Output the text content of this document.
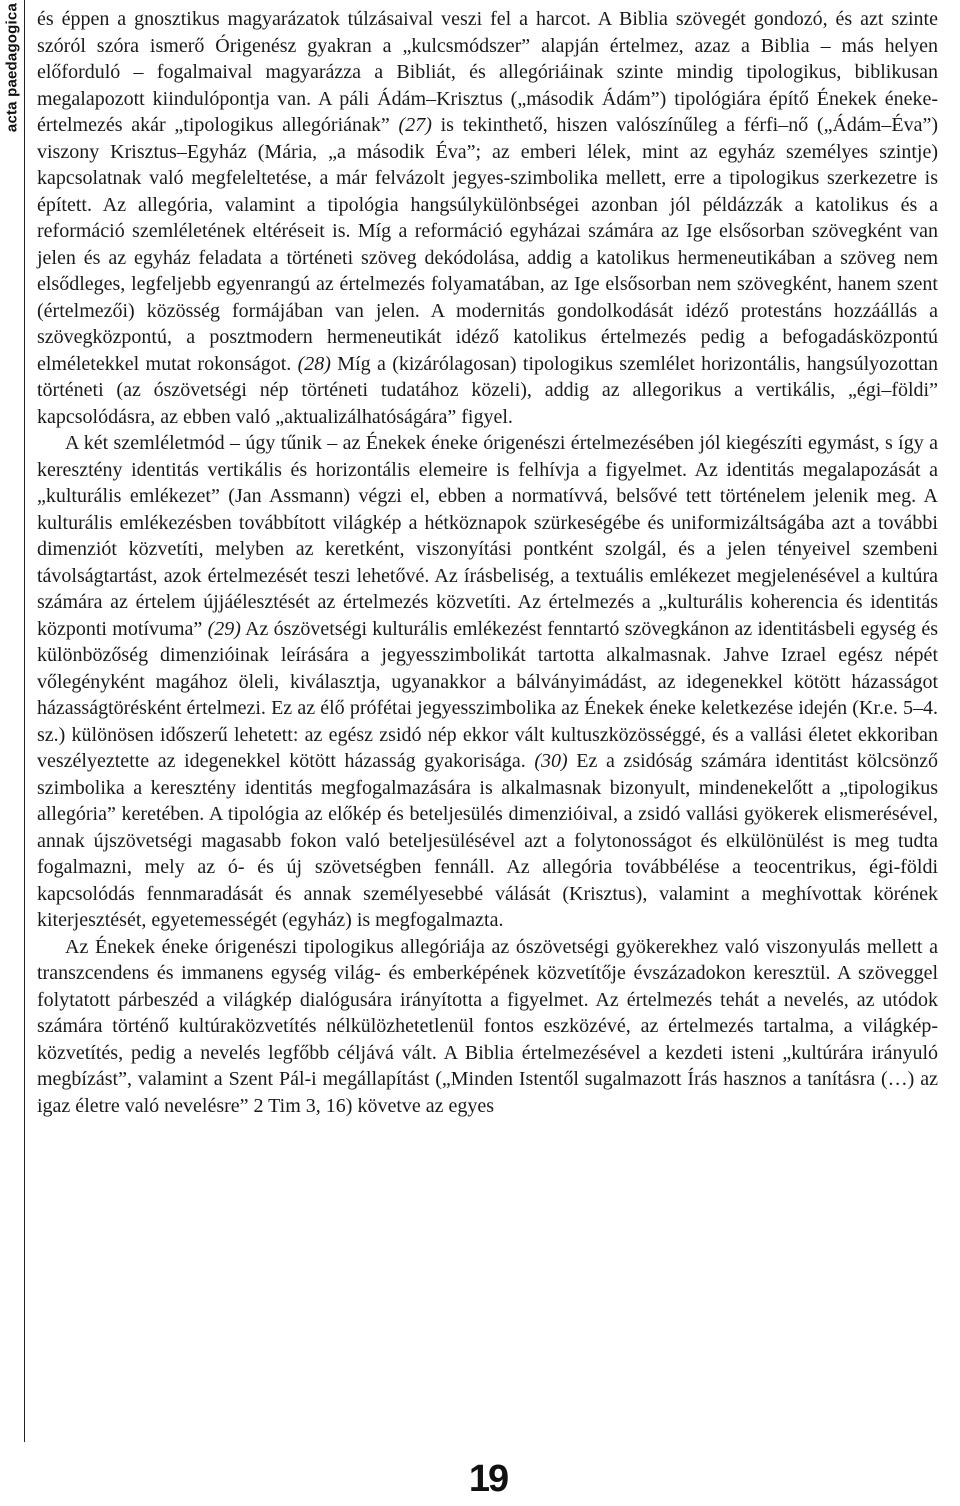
acta paedagogica és éppen a gnosztikus magyarázatok túlzásaival veszi fel a harcot. A Biblia szövegét gondozó, és azt szinte szóról szóra ismerő Órigenész gyakran a „kulcsmódszer” alapján értelmez, azaz a Biblia – más helyen előforduló – fogalmaival magyarázza a Bibliát, és allegóriáinak szinte mindig tipologikus, biblikusan megalapozott kiindulópontja van. A páli Ádám–Krisztus („második Ádám”) tipológiára építő Énekek éneke-értelmezés akár „tipologikus allegóriának” (27) is tekinthető, hiszen valószínűleg a férfi–nő („Ádám–Éva”) viszony Krisztus–Egyház (Mária, „a második Éva”; az emberi lélek, mint az egyház személyes szintje) kapcsolatnak való megfeleltetése, a már felvázolt jegyes-szimbolika mellett, erre a tipologikus szerkezetre is épített. Az allegória, valamint a tipológia hangsúlykülönbségei azonban jól példázzák a katolikus és a reformáció szemléletének eltéréseit is. Míg a reformáció egyházai számára az Ige elsősorban szövegként van jelen és az egyház feladata a történeti szöveg dekódolása, addig a katolikus hermeneutikában a szöveg nem elsődleges, legfeljebb egyenrangú az értelmezés folyamatában, az Ige elsősorban nem szövegként, hanem szent (értelmezői) közösség formájában van jelen. A modernitás gondolkodását idéző protestáns hozzáállás a szövegközpontú, a posztmodern hermeneutikát idéző katolikus értelmezés pedig a befogadásközpontú elméletekkel mutat rokonságot. (28) Míg a (kizárólagosan) tipologikus szemlélet horizontális, hangsúlyozottan történeti (az ószövetségi nép történeti tudatához közeli), addig az allegorikus a vertikális, „égi–földi” kapcsolódásra, az ebben való „aktualizálhatóságára” figyel.

A két szemléletmód – úgy tűnik – az Énekek éneke órigenészi értelmezésében jól kiegészíti egymást, s így a keresztény identitás vertikális és horizontális elemeire is felhívja a figyelmet. Az identitás megalapozását a „kulturális emlékezet” (Jan Assmann) végzi el, ebben a normatívvá, belsővé tett történelem jelenik meg. A kulturális emlékezésben továbbított világkép a hétköznapok szürkeségébe és uniformizáltságába azt a további dimenziót közvetíti, melyben az keretként, viszonyítási pontként szolgál, és a jelen tényeivel szembeni távolságtartást, azok értelmezését teszi lehetővé. Az írásbeliség, a textuális emlékezet megjelenésével a kultúra számára az értelem újjáélesztését az értelmezés közvetíti. Az értelmezés a „kulturális koherencia és identitás központi motívuma” (29) Az ószövetségi kulturális emlékezést fenntartó szövegkánon az identitásbeli egység és különbözőség dimenzióinak leírására a jegyesszimbolikát tartotta alkalmasnak. Jahve Izrael egész népét vőlegényként magához öleli, kiválasztja, ugyanakkor a bálványimádást, az idegenekkel kötött házasságot házasságtörésként értelmezi. Ez az élő prófétai jegyesszimbolika az Énekek éneke keletkezése idején (Kr.e. 5–4. sz.) különösen időszerű lehetett: az egész zsidó nép ekkor vált kultuszközösséggé, és a vallási életet ekkoriban veszélyeztette az idegenekkel kötött házasság gyakorisága. (30) Ez a zsidóság számára identitást kölcsönző szimbolika a keresztény identitás megfogalmazására is alkalmasnak bizonyult, mindenekelőtt a „tipologikus allegória” keretében. A tipológia az előkép és beteljesülés dimenzióival, a zsidó vallási gyökerek elismerésével, annak újszövetségi magasabb fokon való beteljesülésével azt a folytonosságot és elkülönülést is meg tudta fogalmazni, mely az ó- és új szövetségben fennáll. Az allegória továbbélése a teocentrikus, égi-földi kapcsolódás fennmaradását és annak személyesebbé válását (Krisztus), valamint a meghívottak körének kiterjesztését, egyetemességét (egyház) is megfogalmazta.

Az Énekek éneke órigenészi tipologikus allegóriája az ószövetségi gyökerekhez való viszonyulás mellett a transzcendens és immanens egység világ- és emberképének közvetítője évszázadokon keresztül. A szöveggel folytatott párbeszéd a világkép dialógusára irányította a figyelmet. Az értelmezés tehát a nevelés, az utódok számára történő kultúraközvetítés nélkülözhetetlenül fontos eszközévé, az értelmezés tartalma, a világkép-közvetítés, pedig a nevelés legfőbb céljává vált. A Biblia értelmezésével a kezdeti isteni „kultúrára irányuló megbízást”, valamint a Szent Pál-i megállapítást („Minden Istentől sugalmazott Írás hasznos a tanításra (…) az igaz életre való nevelésre” 2 Tim 3, 16) követve az egyes

19
